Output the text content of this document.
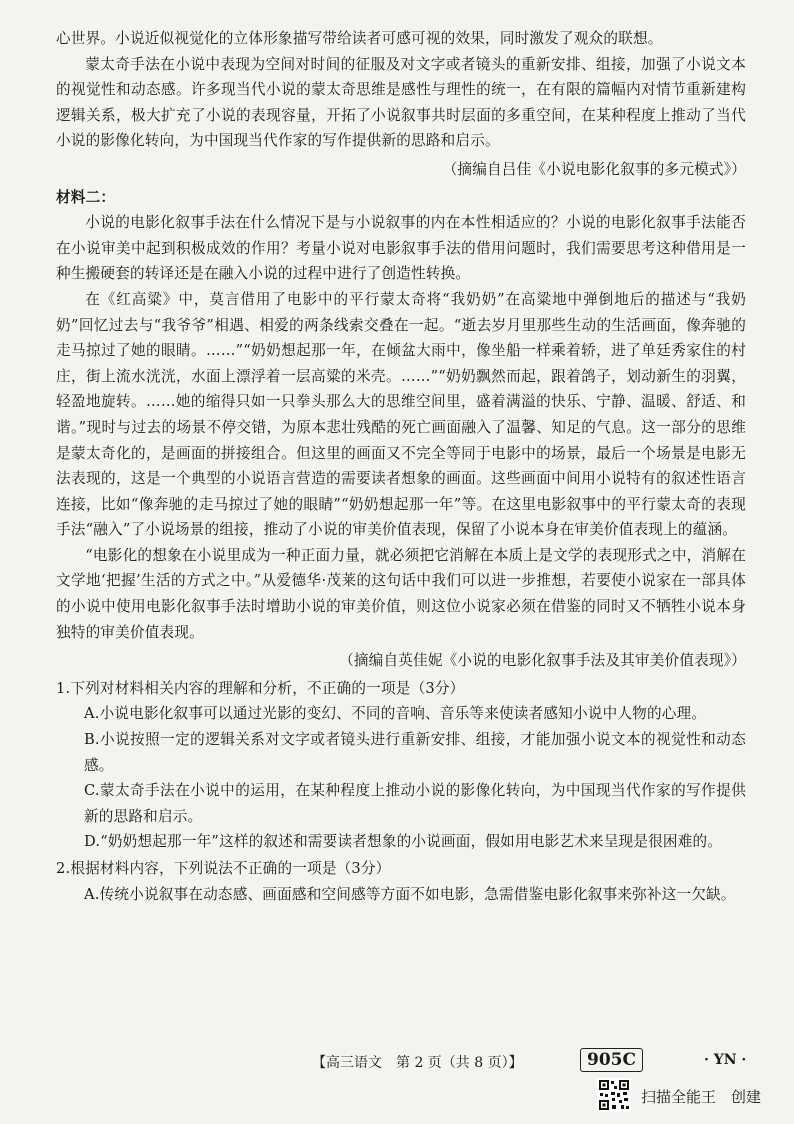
心世界。小说近似视觉化的立体形象描写带给读者可感可视的效果，同时激发了观众的联想。

蒙太奇手法在小说中表现为空间对时间的征服及对文字或者镜头的重新安排、组接，加强了小说文本的视觉性和动态感。许多现当代小说的蒙太奇思维是感性与理性的统一，在有限的篇幅内对情节重新建构逻辑关系，极大扩充了小说的表现容量，开拓了小说叙事共时层面的多重空间，在某种程度上推动了当代小说的影像化转向，为中国现当代作家的写作提供新的思路和启示。

（摘编自吕佳《小说电影化叙事的多元模式》）

材料二：

小说的电影化叙事手法在什么情况下是与小说叙事的内在本性相适应的？小说的电影化叙事手法能否在小说审美中起到积极成效的作用？考量小说对电影叙事手法的借用问题时，我们需要思考这种借用是一种生搬硬套的转译还是在融入小说的过程中进行了创造性转换。

在《红高粱》中，莫言借用了电影中的平行蒙太奇将“我奶奶”在高粱地中弹倒地后的描述与“我奶奶”回忆过去与“我爷爷”相遇、相爱的两条线索交叠在一起。“逝去岁月里那些生动的生活画面，像奔驰的走马掠过了她的眼睛。……”“奶奶想起那一年，在倾盆大雨中，像坐船一样乘着轿，进了单廷秀家住的村庄，街上流水洸洸，水面上漂浮着一层高粱的米壳。……”“奶奶飘然而起，跟着鸽子，划动新生的羽翼，轻盈地旋转。……她的缩得只如一只拳头那么大的思维空间里，盛着满溢的快乐、宁静、温暖、舒适、和谐。”现时与过去的场景不停交错，为原本悲壮残酷的死亡画面融入了温馨、知足的气息。这一部分的思维是蒙太奇化的，是画面的拼接组合。但这里的画面又不完全等同于电影中的场景，最后一个场景是电影无法表现的，这是一个典型的小说语言营造的需要读者想象的画面。这些画面中间用小说特有的叙述性语言连接，比如“像奔驰的走马掠过了她的眼睛”“奶奶想起那一年”等。在这里电影叙事中的平行蒙太奇的表现手法“融入”了小说场景的组接，推动了小说的审美价值表现，保留了小说本身在审美价值表现上的蕴涵。

“电影化的想象在小说里成为一种正面力量，就必须把它消解在本质上是文学的表现形式之中，消解在文学地‘把握’生活的方式之中。”从爱德华·茂莱的这句话中我们可以进一步推想，若要使小说家在一部具体的小说中使用电影化叙事手法时增助小说的审美价值，则这位小说家必须在借鉴的同时又不牺牲小说本身独特的审美价值表现。

（摘编自英佳妮《小说的电影化叙事手法及其审美价值表现》）

1.下列对材料相关内容的理解和分析，不正确的一项是（3分）

A.小说电影化叙事可以通过光影的变幻、不同的音响、音乐等来使读者感知小说中人物的心理。

B.小说按照一定的逻辑关系对文字或者镜头进行重新安排、组接，才能加强小说文本的视觉性和动态感。

C.蒙太奇手法在小说中的运用，在某种程度上推动小说的影像化转向，为中国现当代作家的写作提供新的思路和启示。

D.“奶奶想起那一年”这样的叙述和需要读者想象的小说画面，假如用电影艺术来呈现是很困难的。

2.根据材料内容，下列说法不正确的一项是（3分）

A.传统小说叙事在动态感、画面感和空间感等方面不如电影，急需借鉴电影化叙事来弥补这一欠缺。

【高三语文　第 2 页（共 8 页）】	905C	· YN ·
扫描全能王　创建
